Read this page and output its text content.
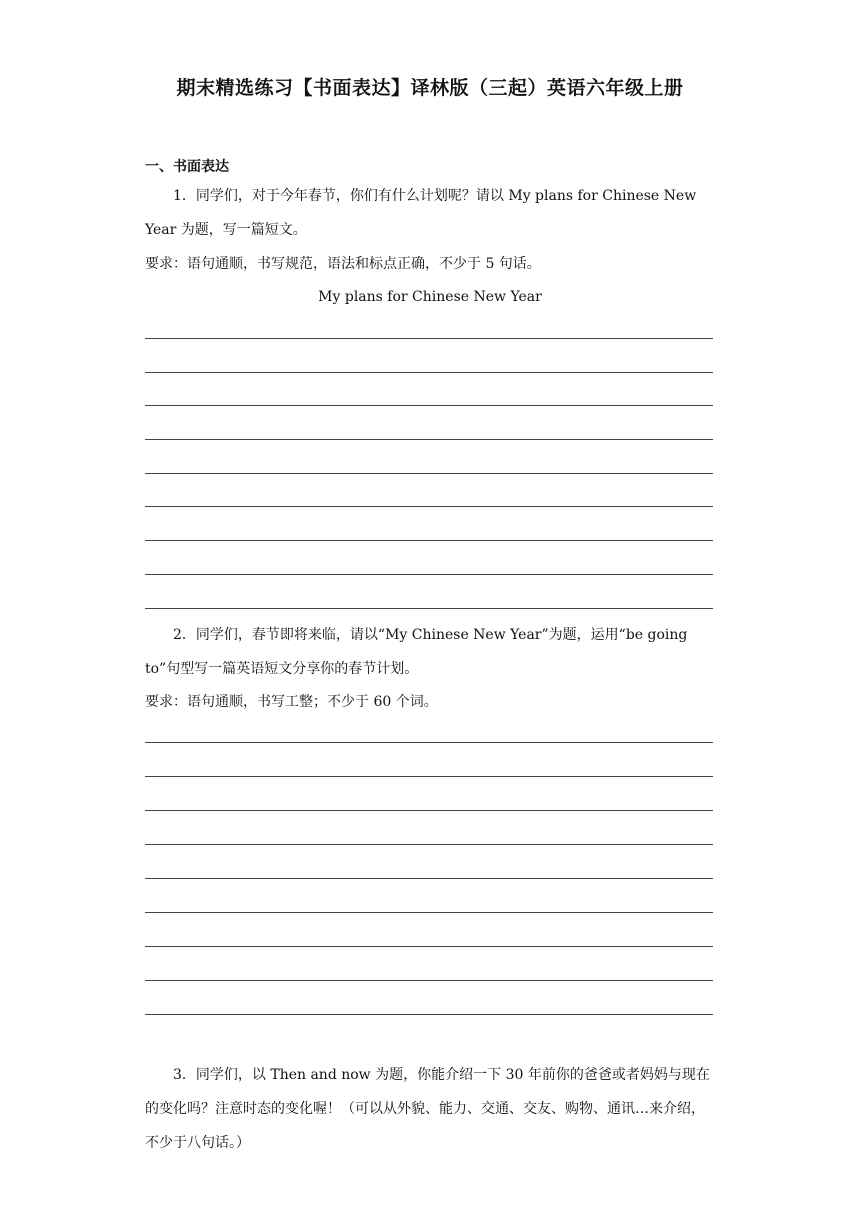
期末精选练习【书面表达】译林版（三起）英语六年级上册
一、书面表达

1．同学们，对于今年春节，你们有什么计划呢？请以 My plans for Chinese New Year 为题，写一篇短文。

要求：语句通顺，书写规范，语法和标点正确，不少于 5 句话。
My plans for Chinese New Year

2．同学们，春节即将来临，请以“My Chinese New Year”为题，运用“be going to”句型写一篇英语短文分享你的春节计划。

要求：语句通顺，书写工整；不少于 60 个词。

3．同学们，以 Then and now 为题，你能介绍一下 30 年前你的爸爸或者妈妈与现在的变化吗？注意时态的变化喔！（可以从外貌、能力、交通、交友、购物、通讯…来介绍，不少于八句话。）
